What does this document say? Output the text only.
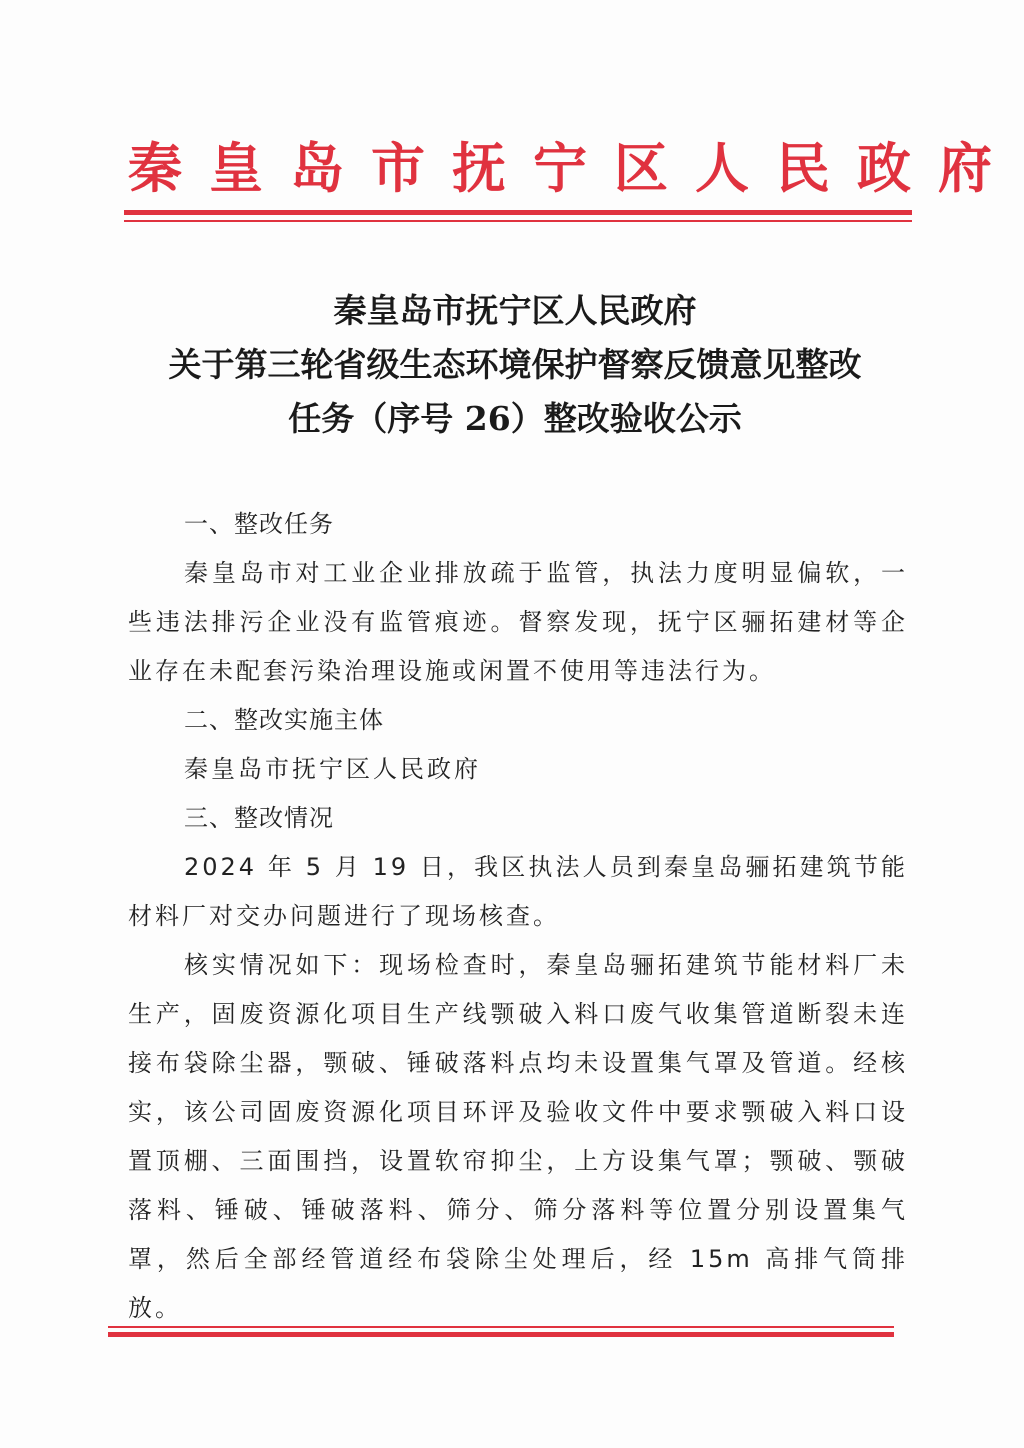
秦皇岛市抚宁区人民政府
秦皇岛市抚宁区人民政府
关于第三轮省级生态环境保护督察反馈意见整改
任务（序号 26）整改验收公示
一、整改任务
秦皇岛市对工业企业排放疏于监管，执法力度明显偏软，一些违法排污企业没有监管痕迹。督察发现，抚宁区骊拓建材等企业存在未配套污染治理设施或闲置不使用等违法行为。
二、整改实施主体
秦皇岛市抚宁区人民政府
三、整改情况
2024 年 5 月 19 日，我区执法人员到秦皇岛骊拓建筑节能材料厂对交办问题进行了现场核查。
核实情况如下：现场检查时，秦皇岛骊拓建筑节能材料厂未生产，固废资源化项目生产线颚破入料口废气收集管道断裂未连接布袋除尘器，颚破、锤破落料点均未设置集气罩及管道。经核实，该公司固废资源化项目环评及验收文件中要求颚破入料口设置顶棚、三面围挡，设置软帘抑尘，上方设集气罩；颚破、颚破落料、锤破、锤破落料、筛分、筛分落料等位置分别设置集气罩，然后全部经管道经布袋除尘处理后，经 15m 高排气筒排放。
